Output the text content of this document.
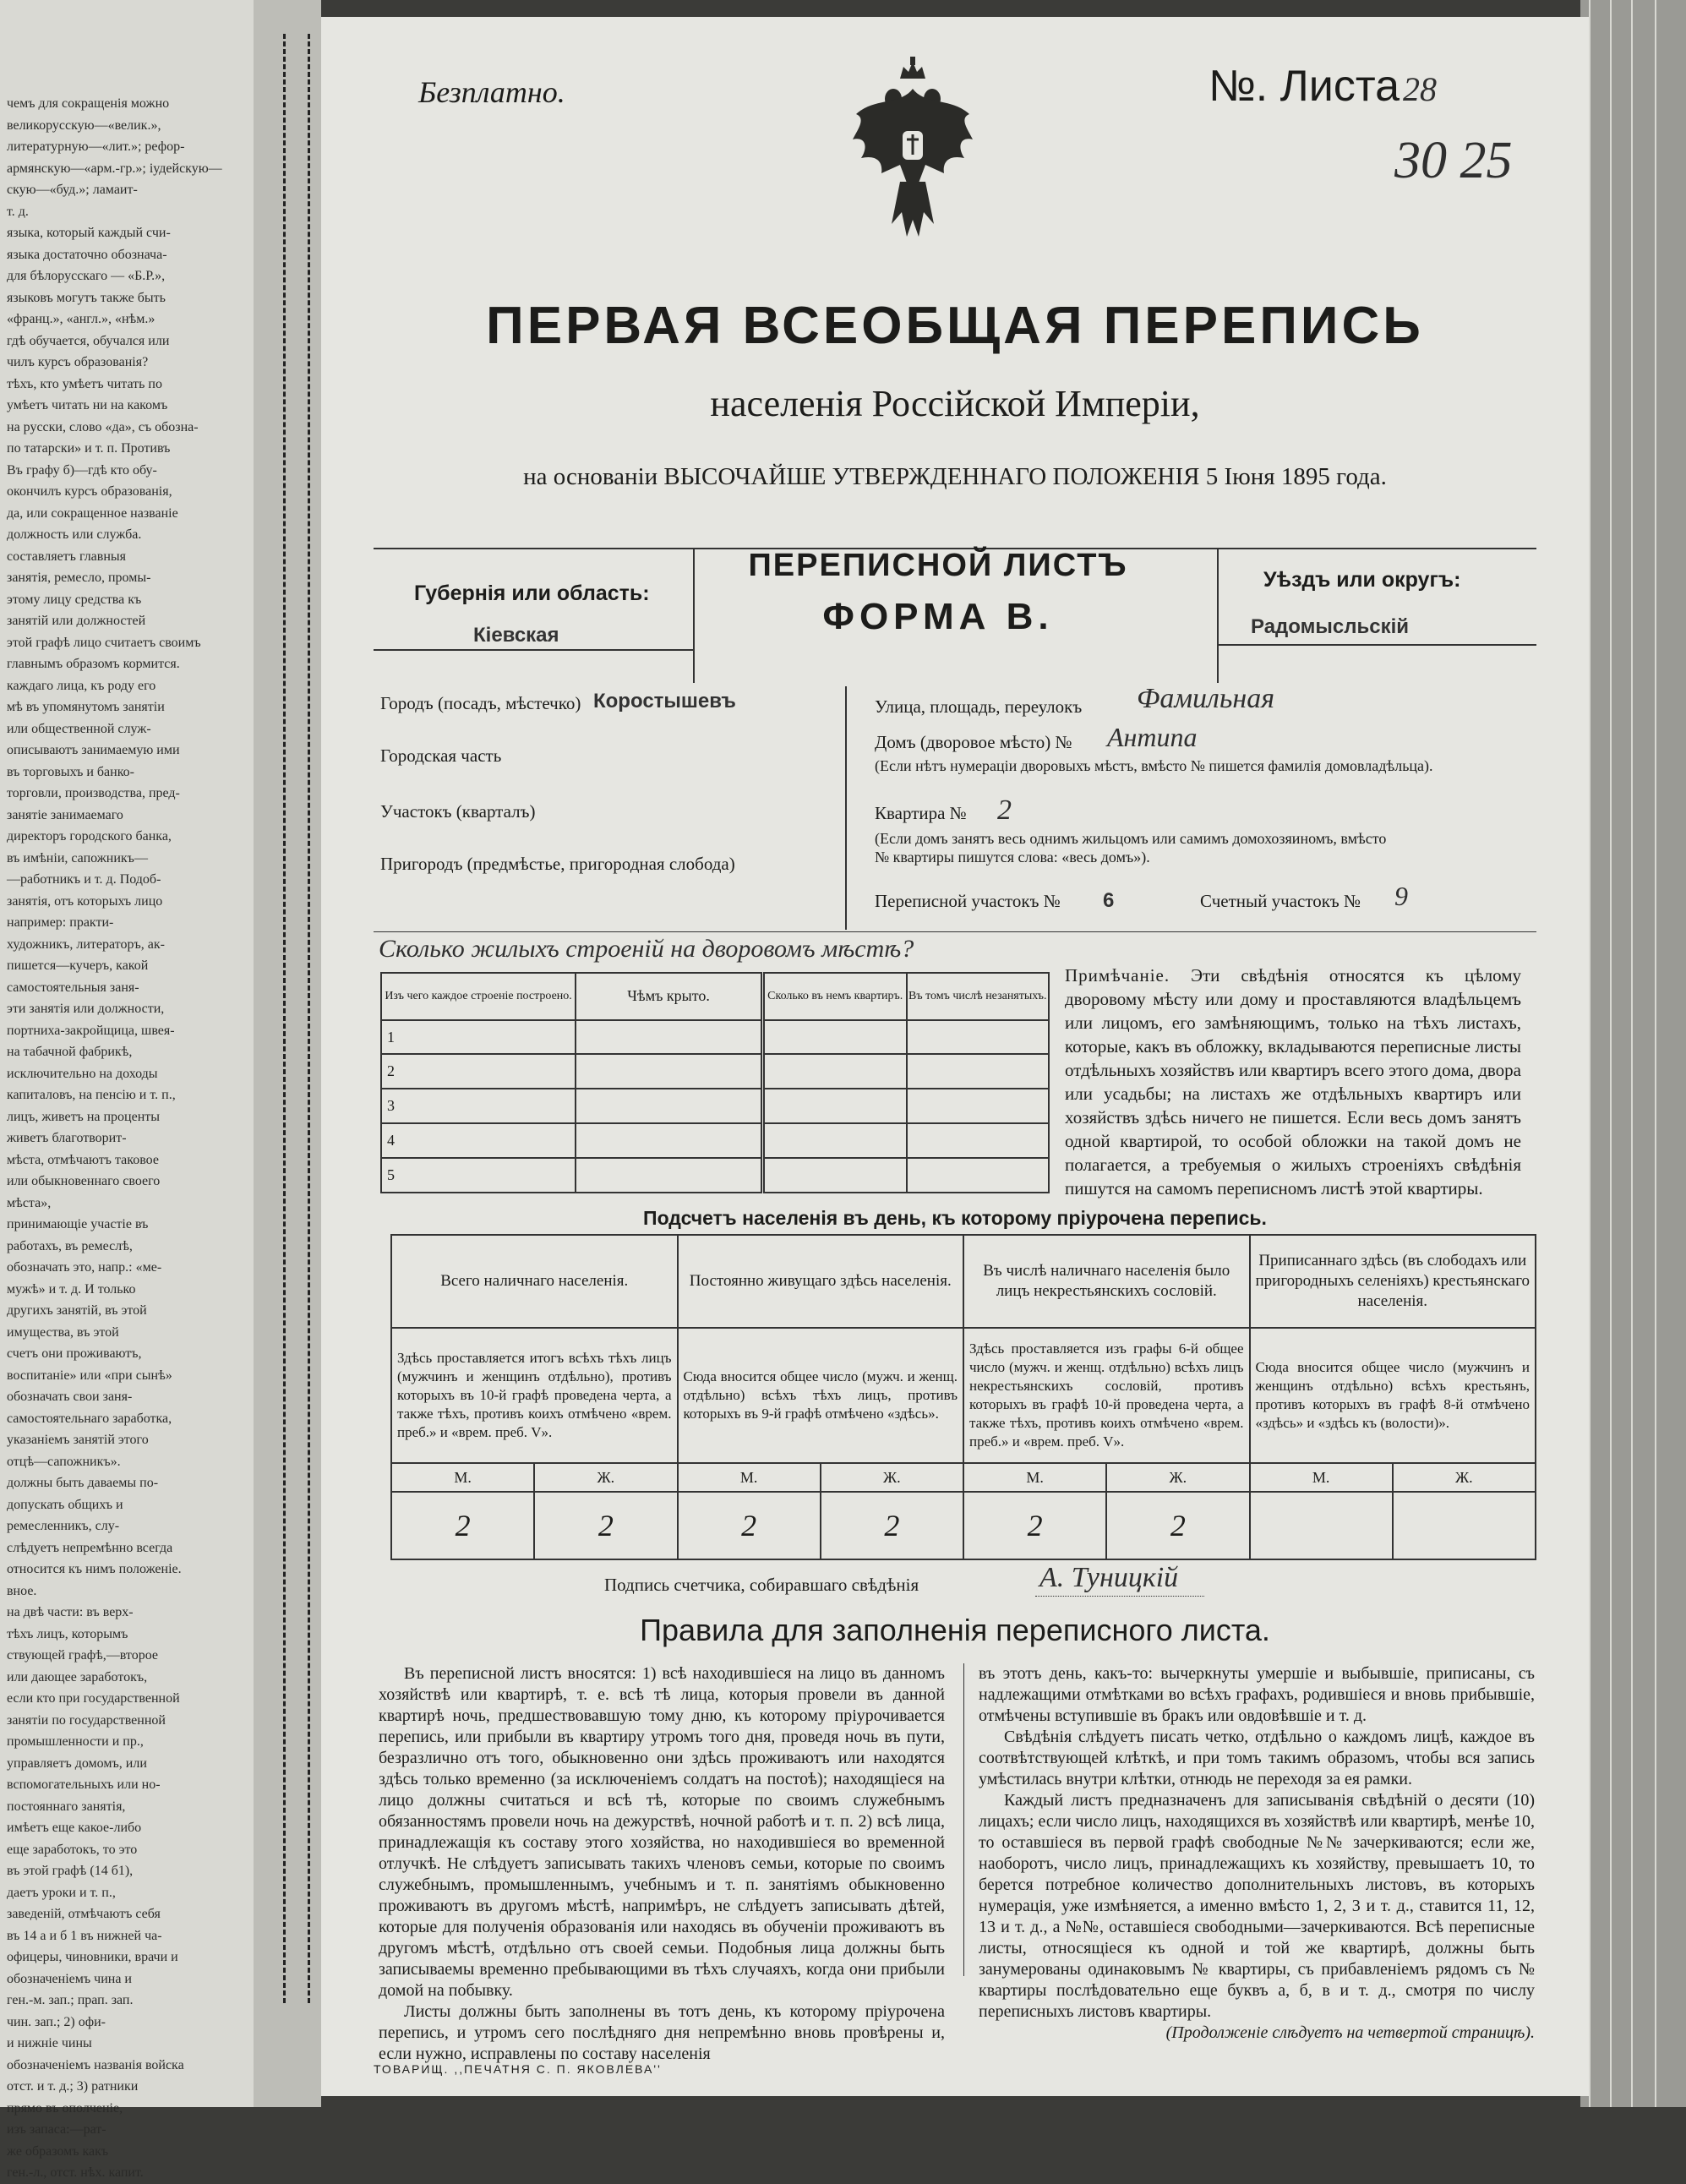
чемъ для сокращенія можно
великорусскую—«велик.»,
литературную—«лит.»; рефор-
армянскую—«арм.-гр.»; іудейскую—
скую—«буд.»; ламаит-
т. д.
языка, который каждый счи-
языка достаточно обознача-
для бѣлорусскаго — «Б.Р.»,
языковъ могутъ также быть
«франц.», «англ.», «нѣм.»
гдѣ обучается, обучался или
чилъ курсъ образованія?
тѣхъ, кто умѣетъ читать по
умѣетъ читать ни на какомъ
на русски, слово «да», съ обозна-
по татарски» и т. п. Противъ
Въ графу б)—гдѣ кто обу-
окончилъ курсъ образованія,
да, или сокращенное названіе
должность или служба.
составляетъ главныя
занятія, ремесло, промы-
этому лицу средства къ
занятій или должностей
этой графѣ лицо считаетъ своимъ
главнымъ образомъ кормится.
каждаго лица, къ роду его
мѣ въ упомянутомъ занятіи
или общественной служ-
описываютъ занимаемую ими
въ торговыхъ и банко-
торговли, производства, пред-
занятіе занимаемаго
директоръ городского банка,
въ имѣніи, сапожникъ—
—работникъ и т. д. Подоб-
занятія, отъ которыхъ лицо
например: практи-
художникъ, литераторъ, ак-
пишется—кучеръ, какой
самостоятельныя заня-
эти занятія или должности,
портниха-закройщица, швея-
на табачной фабрикѣ,
исключительно на доходы
капиталовъ, на пенсію и т. п.,
лицъ, живетъ на проценты
живетъ благотворит-
мѣста, отмѣчаютъ таковое
или обыкновеннаго своего
мѣста»,
принимающіе участіе въ
работахъ, въ ремеслѣ,
обозначать это, напр.: «ме-
мужѣ» и т. д. И только
другихъ занятій, въ этой
имущества, въ этой
счетъ они проживаютъ,
воспитаніе» или «при сынѣ»
обозначать свои заня-
самостоятельнаго заработка,
указаніемъ занятій этого
отцѣ—сапожникъ».
должны быть даваемы по-
допускать общихъ и
ремесленникъ, слу-
слѣдуетъ непремѣнно всегда
относится къ нимъ положеніе.
вное.
на двѣ части: въ верх-
тѣхъ лицъ, которымъ
ствующей графѣ,—второе
или дающее заработокъ,
если кто при государственной
занятіи по государственной
промышленности и пр.,
управляетъ домомъ, или
вспомогательныхъ или но-
постояннаго занятія,
имѣетъ еще какое-либо
еще заработокъ, то это
въ этой графѣ (14 б1),
даетъ уроки и т. п.,
заведеній, отмѣчаютъ себя
въ 14 а и б 1 въ нижней ча-
офицеры, чиновники, врачи и
обозначеніемъ чина и
ген.-м. зап.; прап. зап.
чин. зап.; 2) офи-
и нижніе чины
обозначеніемъ названія войска
отст. и т. д.; 3) ратники
прямо въ ополченіе,
изъ запаса:—рат-
же образомъ какъ
ген.-л., отст. нѣх. капит.
Безплатно.	№. Листа 28
30 25
ПЕРВАЯ ВСЕОБЩАЯ ПЕРЕПИСЬ
населенія Россійской Имперіи,
на основаніи ВЫСОЧАЙШЕ УТВЕРЖДЕННАГО ПОЛОЖЕНІЯ 5 Іюня 1895 года.
ПЕРЕПИСНОЙ ЛИСТЪ
ФОРМА В.
Губернія или область:
Кіевская
Уѣздъ или округъ:
Радомысльскій
Городъ (посадъ, мѣстечко) Коростышевъ
Городская часть
Участокъ (кварталъ)
Пригородъ (предмѣстье, пригородная слобода)
Улица, площадь, переулокъ Фамильная
Домъ (дворовое мѣсто) № Антипа
(Если нѣтъ нумераціи дворовыхъ мѣстъ, вмѣсто № пишется фамилія домовладѣльца).
Квартира № 2
(Если домъ занятъ весь однимъ жильцомъ или самимъ домохозяиномъ, вмѣсто
№ квартиры пишутся слова: «весь домъ»).
Переписной участокъ № 6	Счетный участокъ № 9
Сколько жилыхъ строеній на дворовомъ мѣстѣ?
Изъ чего каждое строеніе построено.	Чѣмъ крыто.	Сколько въ немъ квартиръ.	Въ томъ числѣ незанятыхъ.
1			
2			
3			
4			
5			
Примѣчаніе. Эти свѣдѣнія относятся къ цѣлому дворовому мѣсту или дому и проставляются владѣльцемъ или лицомъ, его замѣняющимъ, только на тѣхъ листахъ, которые, какъ въ обложку, вкладываются переписные листы отдѣльныхъ хозяйствъ или квартиръ всего этого дома, двора или усадьбы; на листахъ же отдѣльныхъ квартиръ или хозяйствъ здѣсь ничего не пишется. Если весь домъ занятъ одной квартирой, то особой обложки на такой домъ не полагается, а требуемыя о жилыхъ строеніяхъ свѣдѣнія пишутся на самомъ переписномъ листѣ этой квартиры.
Подсчетъ населенія въ день, къ которому пріурочена перепись.
Всего наличнаго населенія.		Постоянно живущаго здѣсь населенія.		Въ числѣ наличнаго населенія было лицъ некрестьянскихъ сословій.		Приписаннаго здѣсь (въ слободахъ или пригородныхъ селеніяхъ) крестьянскаго населенія.	
Здѣсь проставляется итогъ всѣхъ тѣхъ лицъ (мужчинъ и женщинъ отдѣльно), противъ которыхъ въ 10-й графѣ проведена черта, а также тѣхъ, противъ коихъ отмѣчено «врем. преб.» и «врем. преб. V».		Сюда вносится общее число (мужч. и женщ. отдѣльно) всѣхъ тѣхъ лицъ, противъ которыхъ въ 9-й графѣ отмѣчено «здѣсь».		Здѣсь проставляется изъ графы 6-й общее число (мужч. и женщ. отдѣльно) всѣхъ лицъ некрестьянскихъ сословій, противъ которыхъ въ графѣ 10-й проведена черта, а также тѣхъ, противъ коихъ отмѣчено «врем. преб.» и «врем. преб. V».		Сюда вносится общее число (мужчинъ и женщинъ отдѣльно) всѣхъ крестьянъ, противъ которыхъ въ графѣ 8-й отмѣчено «здѣсь» и «здѣсь къ (волости)».	
М.	Ж.	М.	Ж.	М.	Ж.	М.	Ж.
2	2	2	2	2	2		
Подпись счетчика, собиравшаго свѣдѣнія	А. Туницкій
Правила для заполненія переписного листа.
Въ переписной листъ вносятся: 1) всѣ находившіеся на лицо въ данномъ хозяйствѣ или квартирѣ, т. е. всѣ тѣ лица, которыя провели въ данной квартирѣ ночь, предшествовавшую тому дню, къ которому пріурочивается перепись, или прибыли въ квартиру утромъ того дня, проведя ночь въ пути, безразлично отъ того, обыкновенно они здѣсь проживаютъ или находятся здѣсь только временно (за исключеніемъ солдатъ на постоѣ); находящіеся на лицо должны считаться и всѣ тѣ, которые по своимъ служебнымъ обязанностямъ провели ночь на дежурствѣ, ночной работѣ и т. п. 2) всѣ лица, принадлежащія къ составу этого хозяйства, но находившіеся во временной отлучкѣ. Не слѣдуетъ записывать такихъ членовъ семьи, которые по своимъ служебнымъ, промышленнымъ, учебнымъ и т. п. занятіямъ обыкновенно проживаютъ въ другомъ мѣстѣ, напримѣръ, не слѣдуетъ записывать дѣтей, которые для полученія образованія или находясь въ обученіи проживаютъ въ другомъ мѣстѣ, отдѣльно отъ своей семьи. Подобныя лица должны быть записываемы временно пребывающими въ тѣхъ случаяхъ, когда они прибыли домой на побывку.
Листы должны быть заполнены въ тотъ день, къ которому пріурочена перепись, и утромъ сего послѣдняго дня непремѣнно вновь провѣрены и, если нужно, исправлены по составу населенія
въ этотъ день, какъ-то: вычеркнуты умершіе и выбывшіе, приписаны, съ надлежащими отмѣтками во всѣхъ графахъ, родившіеся и вновь прибывшіе, отмѣчены вступившіе въ бракъ или овдовѣвшіе и т. д.
Свѣдѣнія слѣдуетъ писать четко, отдѣльно о каждомъ лицѣ, каждое въ соотвѣтствующей клѣткѣ, и при томъ такимъ образомъ, чтобы вся запись умѣстилась внутри клѣтки, отнюдь не переходя за ея рамки.
Каждый листъ предназначенъ для записыванія свѣдѣній о десяти (10) лицахъ; если число лицъ, находящихся въ хозяйствѣ или квартирѣ, менѣе 10, то оставшіеся въ первой графѣ свободные №№ зачеркиваются; если же, наоборотъ, число лицъ, принадлежащихъ къ хозяйству, превышаетъ 10, то берется потребное количество дополнительныхъ листовъ, въ которыхъ нумерація, уже измѣняется, а именно вмѣсто 1, 2, 3 и т. д., ставится 11, 12, 13 и т. д., а №№, оставшіеся свободными—зачеркиваются. Всѣ переписные листы, относящіеся къ одной и той же квартирѣ, должны быть занумерованы одинаковымъ № квартиры, съ прибавленіемъ рядомъ съ № квартиры послѣдовательно еще буквъ а, б, в и т. д., смотря по числу переписныхъ листовъ квартиры.
(Продолженіе слѣдуетъ на четвертой страницѣ).
ТОВАРИЩ. ,,ПЕЧАТНЯ С. П. ЯКОВЛЕВА''
